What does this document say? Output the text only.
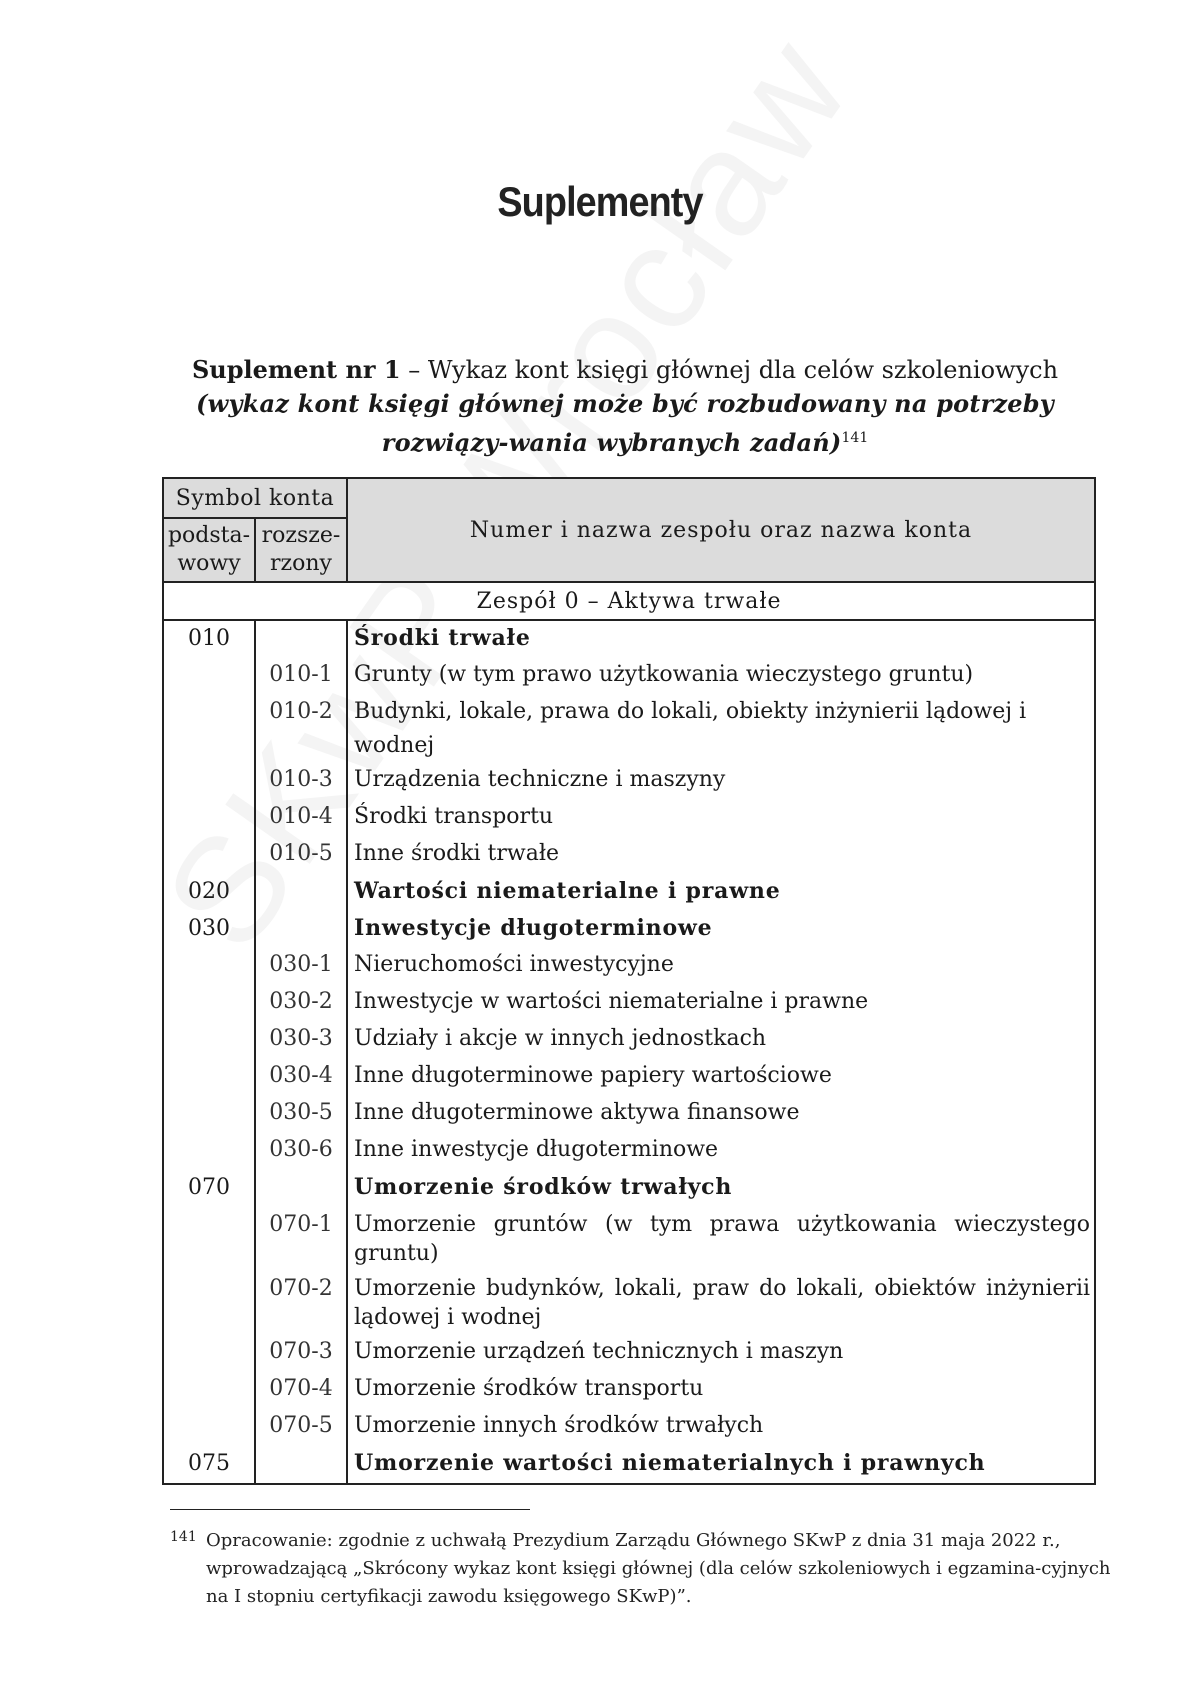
Suplementy
Suplement nr 1 – Wykaz kont księgi głównej dla celów szkoleniowych
(wykaz kont księgi głównej może być rozbudowany na potrzeby rozwiązy-wania wybranych zadań)$^{141}$
Symbol konta		Numer i nazwa zespołu oraz nazwa konta
podsta-wowy	rozsze-rzony	
Zespół 0 – Aktywa trwałe		
010		Środki trwałe
	010-1	Grunty (w tym prawo użytkowania wieczystego gruntu)
	010-2	Budynki, lokale, prawa do lokali, obiekty inżynierii lądowej i wodnej
	010-3	Urządzenia techniczne i maszyny
	010-4	Środki transportu
	010-5	Inne środki trwałe
020		Wartości niematerialne i prawne
030		Inwestycje długoterminowe
	030-1	Nieruchomości inwestycyjne
	030-2	Inwestycje w wartości niematerialne i prawne
	030-3	Udziały i akcje w innych jednostkach
	030-4	Inne długoterminowe papiery wartościowe
	030-5	Inne długoterminowe aktywa finansowe
	030-6	Inne inwestycje długoterminowe
070		Umorzenie środków trwałych
	070-1	Umorzenie gruntów (w tym prawa użytkowania wieczystego gruntu)
	070-2	Umorzenie budynków, lokali, praw do lokali, obiektów inżynierii lądowej i wodnej
	070-3	Umorzenie urządzeń technicznych i maszyn
	070-4	Umorzenie środków transportu
	070-5	Umorzenie innych środków trwałych
075		Umorzenie wartości niematerialnych i prawnych
141 Opracowanie: zgodnie z uchwałą Prezydium Zarządu Głównego SKwP z dnia 31 maja 2022 r., wprowadzającą „Skrócony wykaz kont księgi głównej (dla celów szkoleniowych i egzamina-cyjnych na I stopniu certyfikacji zawodu księgowego SKwP)”.
